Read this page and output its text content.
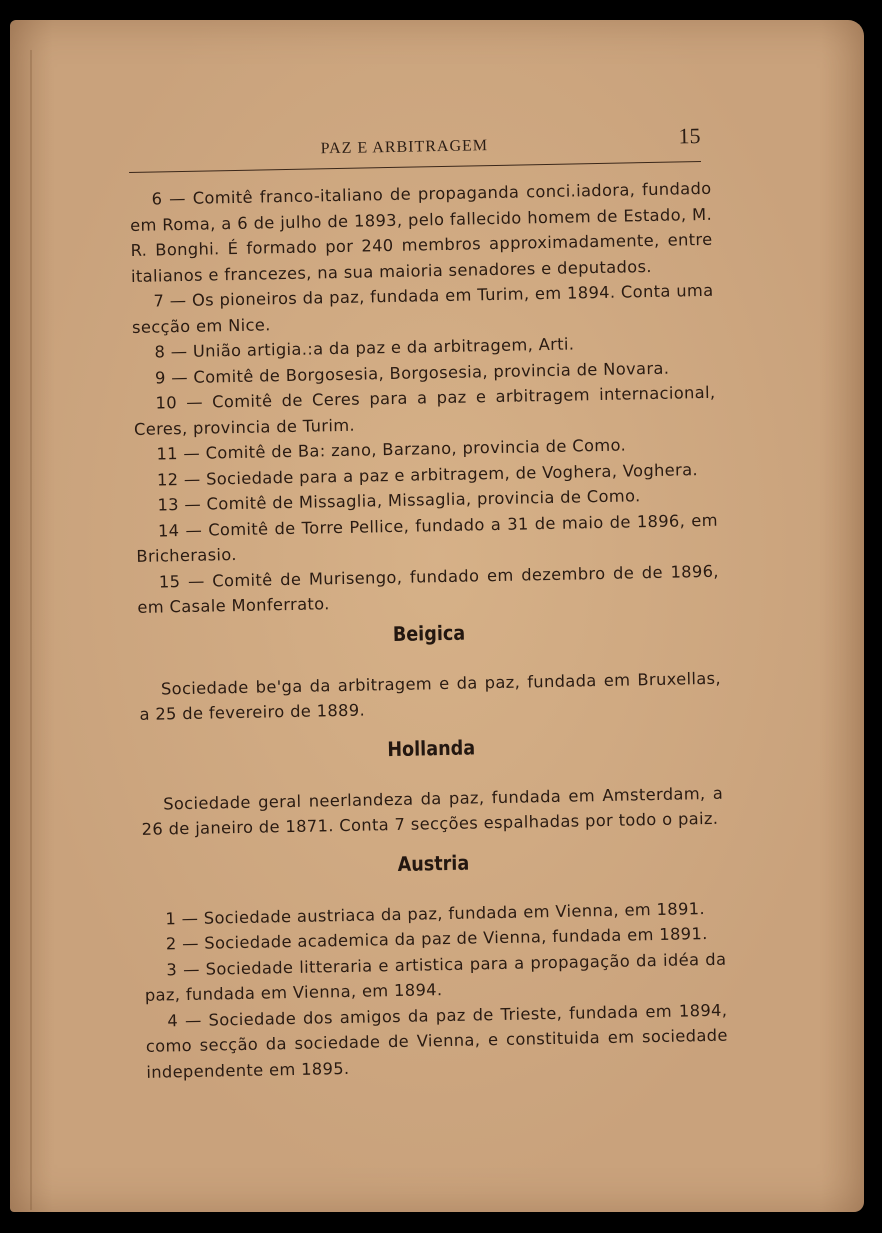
PAZ E ARBITRAGEM	15

6 — Comitê franco-italiano de propaganda conci.iadora, fundado em Roma, a 6 de julho de 1893, pelo fallecido homem de Estado, M. R. Bonghi. É formado por 240 membros approximadamente, entre italianos e francezes, na sua maioria senadores e deputados.

7 — Os pioneiros da paz, fundada em Turim, em 1894. Conta uma secção em Nice.

8 — União artigia.:a da paz e da arbitragem, Arti.

9 — Comitê de Borgosesia, Borgosesia, provincia de Novara.

10 — Comitê de Ceres para a paz e arbitragem internacional, Ceres, provincia de Turim.

11 — Comitê de Ba: zano, Barzano, provincia de Como.

12 — Sociedade para a paz e arbitragem, de Voghera, Voghera.

13 — Comitê de Missaglia, Missaglia, provincia de Como.

14 — Comitê de Torre Pellice, fundado a 31 de maio de 1896, em Bricherasio.

15 — Comitê de Murisengo, fundado em dezembro de de 1896, em Casale Monferrato.

Beigica

Sociedade be'ga da arbitragem e da paz, fundada em Bruxellas, a 25 de fevereiro de 1889.

Hollanda

Sociedade geral neerlandeza da paz, fundada em Amsterdam, a 26 de janeiro de 1871. Conta 7 secções espalhadas por todo o paiz.

Austria

1 — Sociedade austriaca da paz, fundada em Vienna, em 1891.

2 — Sociedade academica da paz de Vienna, fundada em 1891.

3 — Sociedade litteraria e artistica para a propagação da idéa da paz, fundada em Vienna, em 1894.

4 — Sociedade dos amigos da paz de Trieste, fundada em 1894, como secção da sociedade de Vienna, e constituida em sociedade independente em 1895.
